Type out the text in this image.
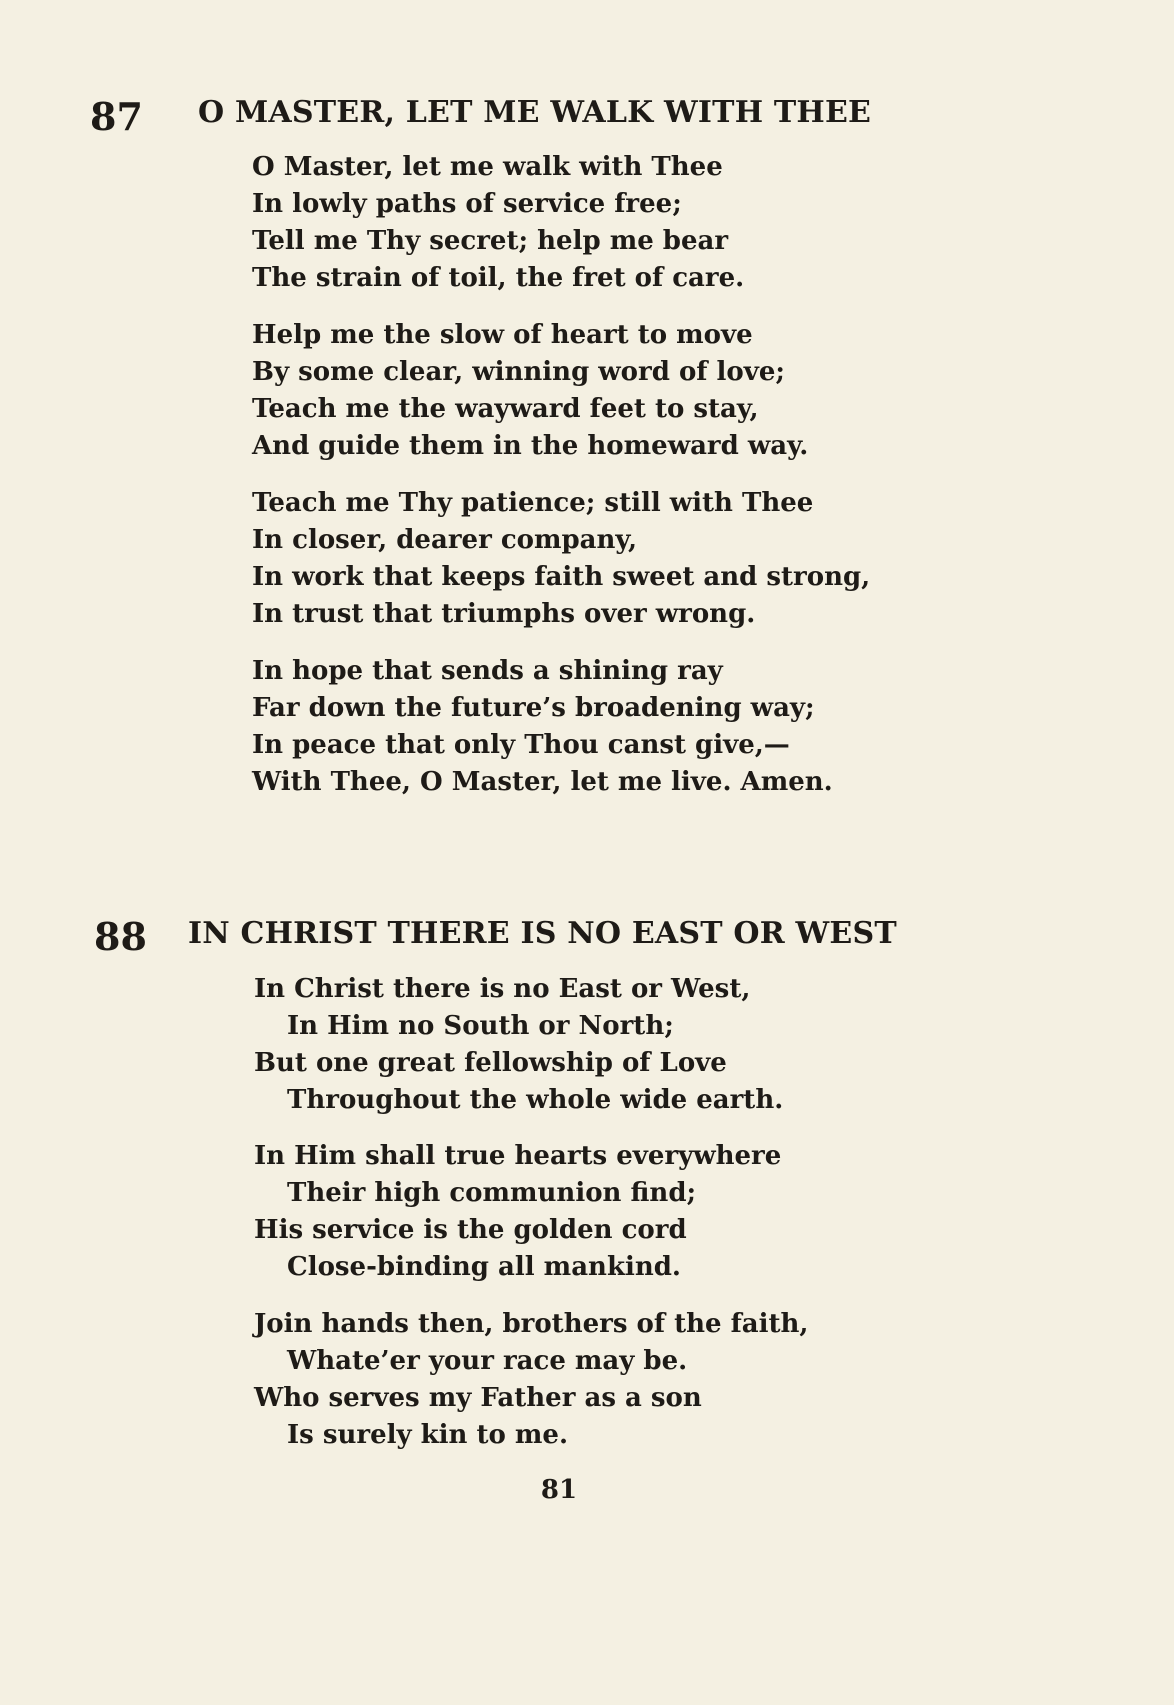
87 O MASTER, LET ME WALK WITH THEE
O Master, let me walk with Thee
In lowly paths of service free;
Tell me Thy secret; help me bear
The strain of toil, the fret of care.
Help me the slow of heart to move
By some clear, winning word of love;
Teach me the wayward feet to stay,
And guide them in the homeward way.
Teach me Thy patience; still with Thee
In closer, dearer company,
In work that keeps faith sweet and strong,
In trust that triumphs over wrong.
In hope that sends a shining ray
Far down the future’s broadening way;
In peace that only Thou canst give,—
With Thee, O Master, let me live. Amen.
88 IN CHRIST THERE IS NO EAST OR WEST
In Christ there is no East or West,
In Him no South or North;
But one great fellowship of Love
Throughout the whole wide earth.
In Him shall true hearts everywhere
Their high communion find;
His service is the golden cord
Close-binding all mankind.
Join hands then, brothers of the faith,
Whate’er your race may be.
Who serves my Father as a son
Is surely kin to me.
81
